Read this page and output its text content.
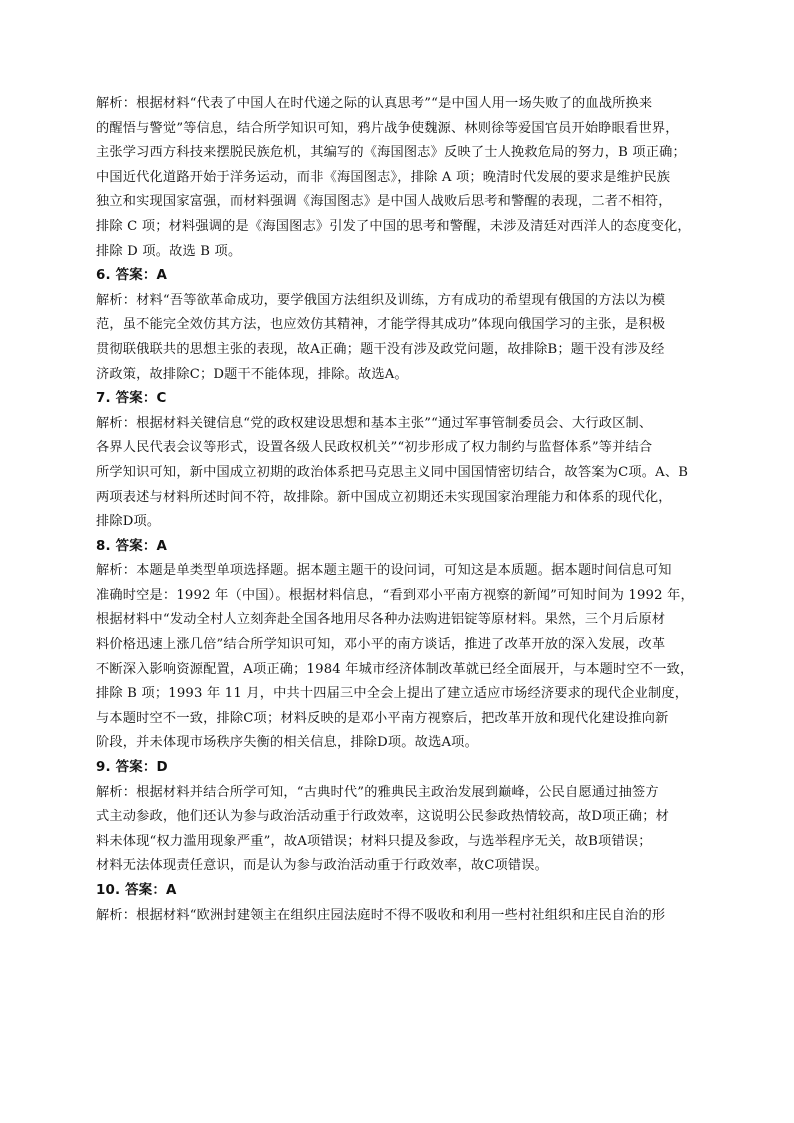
解析：根据材料“代表了中国人在时代递之际的认真思考”“是中国人用一场失败了的血战所换来
的醒悟与警觉”等信息，结合所学知识可知，鸦片战争使魏源、林则徐等爱国官员开始睁眼看世界，
主张学习西方科技来摆脱民族危机，其编写的《海国图志》反映了士人挽救危局的努力，B 项正确；
中国近代化道路开始于洋务运动，而非《海国图志》，排除 A 项；晚清时代发展的要求是维护民族
独立和实现国家富强，而材料强调《海国图志》是中国人战败后思考和警醒的表现，二者不相符，
排除 C 项；材料强调的是《海国图志》引发了中国的思考和警醒，未涉及清廷对西洋人的态度变化，
排除 D 项。故选 B 项。
6. 答案：A
解析：材料“吾等欲革命成功，要学俄国方法组织及训练，方有成功的希望现有俄国的方法以为模
范，虽不能完全效仿其方法，也应效仿其精神，才能学得其成功”体现向俄国学习的主张，是积极
贯彻联俄联共的思想主张的表现，故A正确；题干没有涉及政党问题，故排除B；题干没有涉及经
济政策，故排除C；D题干不能体现，排除。故选A。
7. 答案：C
解析：根据材料关键信息“党的政权建设思想和基本主张”“通过军事管制委员会、大行政区制、
各界人民代表会议等形式，设置各级人民政权机关”“初步形成了权力制约与监督体系”等并结合
所学知识可知，新中国成立初期的政治体系把马克思主义同中国国情密切结合，故答案为C项。A、B
两项表述与材料所述时间不符，故排除。新中国成立初期还未实现国家治理能力和体系的现代化，
排除D项。
8. 答案：A
解析：本题是单类型单项选择题。据本题主题干的设问词，可知这是本质题。据本题时间信息可知
准确时空是：1992 年（中国）。根据材料信息，“看到邓小平南方视察的新闻”可知时间为 1992 年，
根据材料中“发动全村人立刻奔赴全国各地用尽各种办法购进铝锭等原材料。果然，三个月后原材
料价格迅速上涨几倍”结合所学知识可知，邓小平的南方谈话，推进了改革开放的深入发展，改革
不断深入影响资源配置，A项正确；1984 年城市经济体制改革就已经全面展开，与本题时空不一致，
排除 B 项；1993 年 11 月，中共十四届三中全会上提出了建立适应市场经济要求的现代企业制度，
与本题时空不一致，排除C项；材料反映的是邓小平南方视察后，把改革开放和现代化建设推向新
阶段，并未体现市场秩序失衡的相关信息，排除D项。故选A项。
9. 答案：D
解析：根据材料并结合所学可知，“古典时代”的雅典民主政治发展到巅峰，公民自愿通过抽签方
式主动参政，他们还认为参与政治活动重于行政效率，这说明公民参政热情较高，故D项正确；材
料未体现“权力滥用现象严重”，故A项错误；材料只提及参政，与选举程序无关，故B项错误；
材料无法体现责任意识，而是认为参与政治活动重于行政效率，故C项错误。
10. 答案：A
解析：根据材料“欧洲封建领主在组织庄园法庭时不得不吸收和利用一些村社组织和庄民自治的形
